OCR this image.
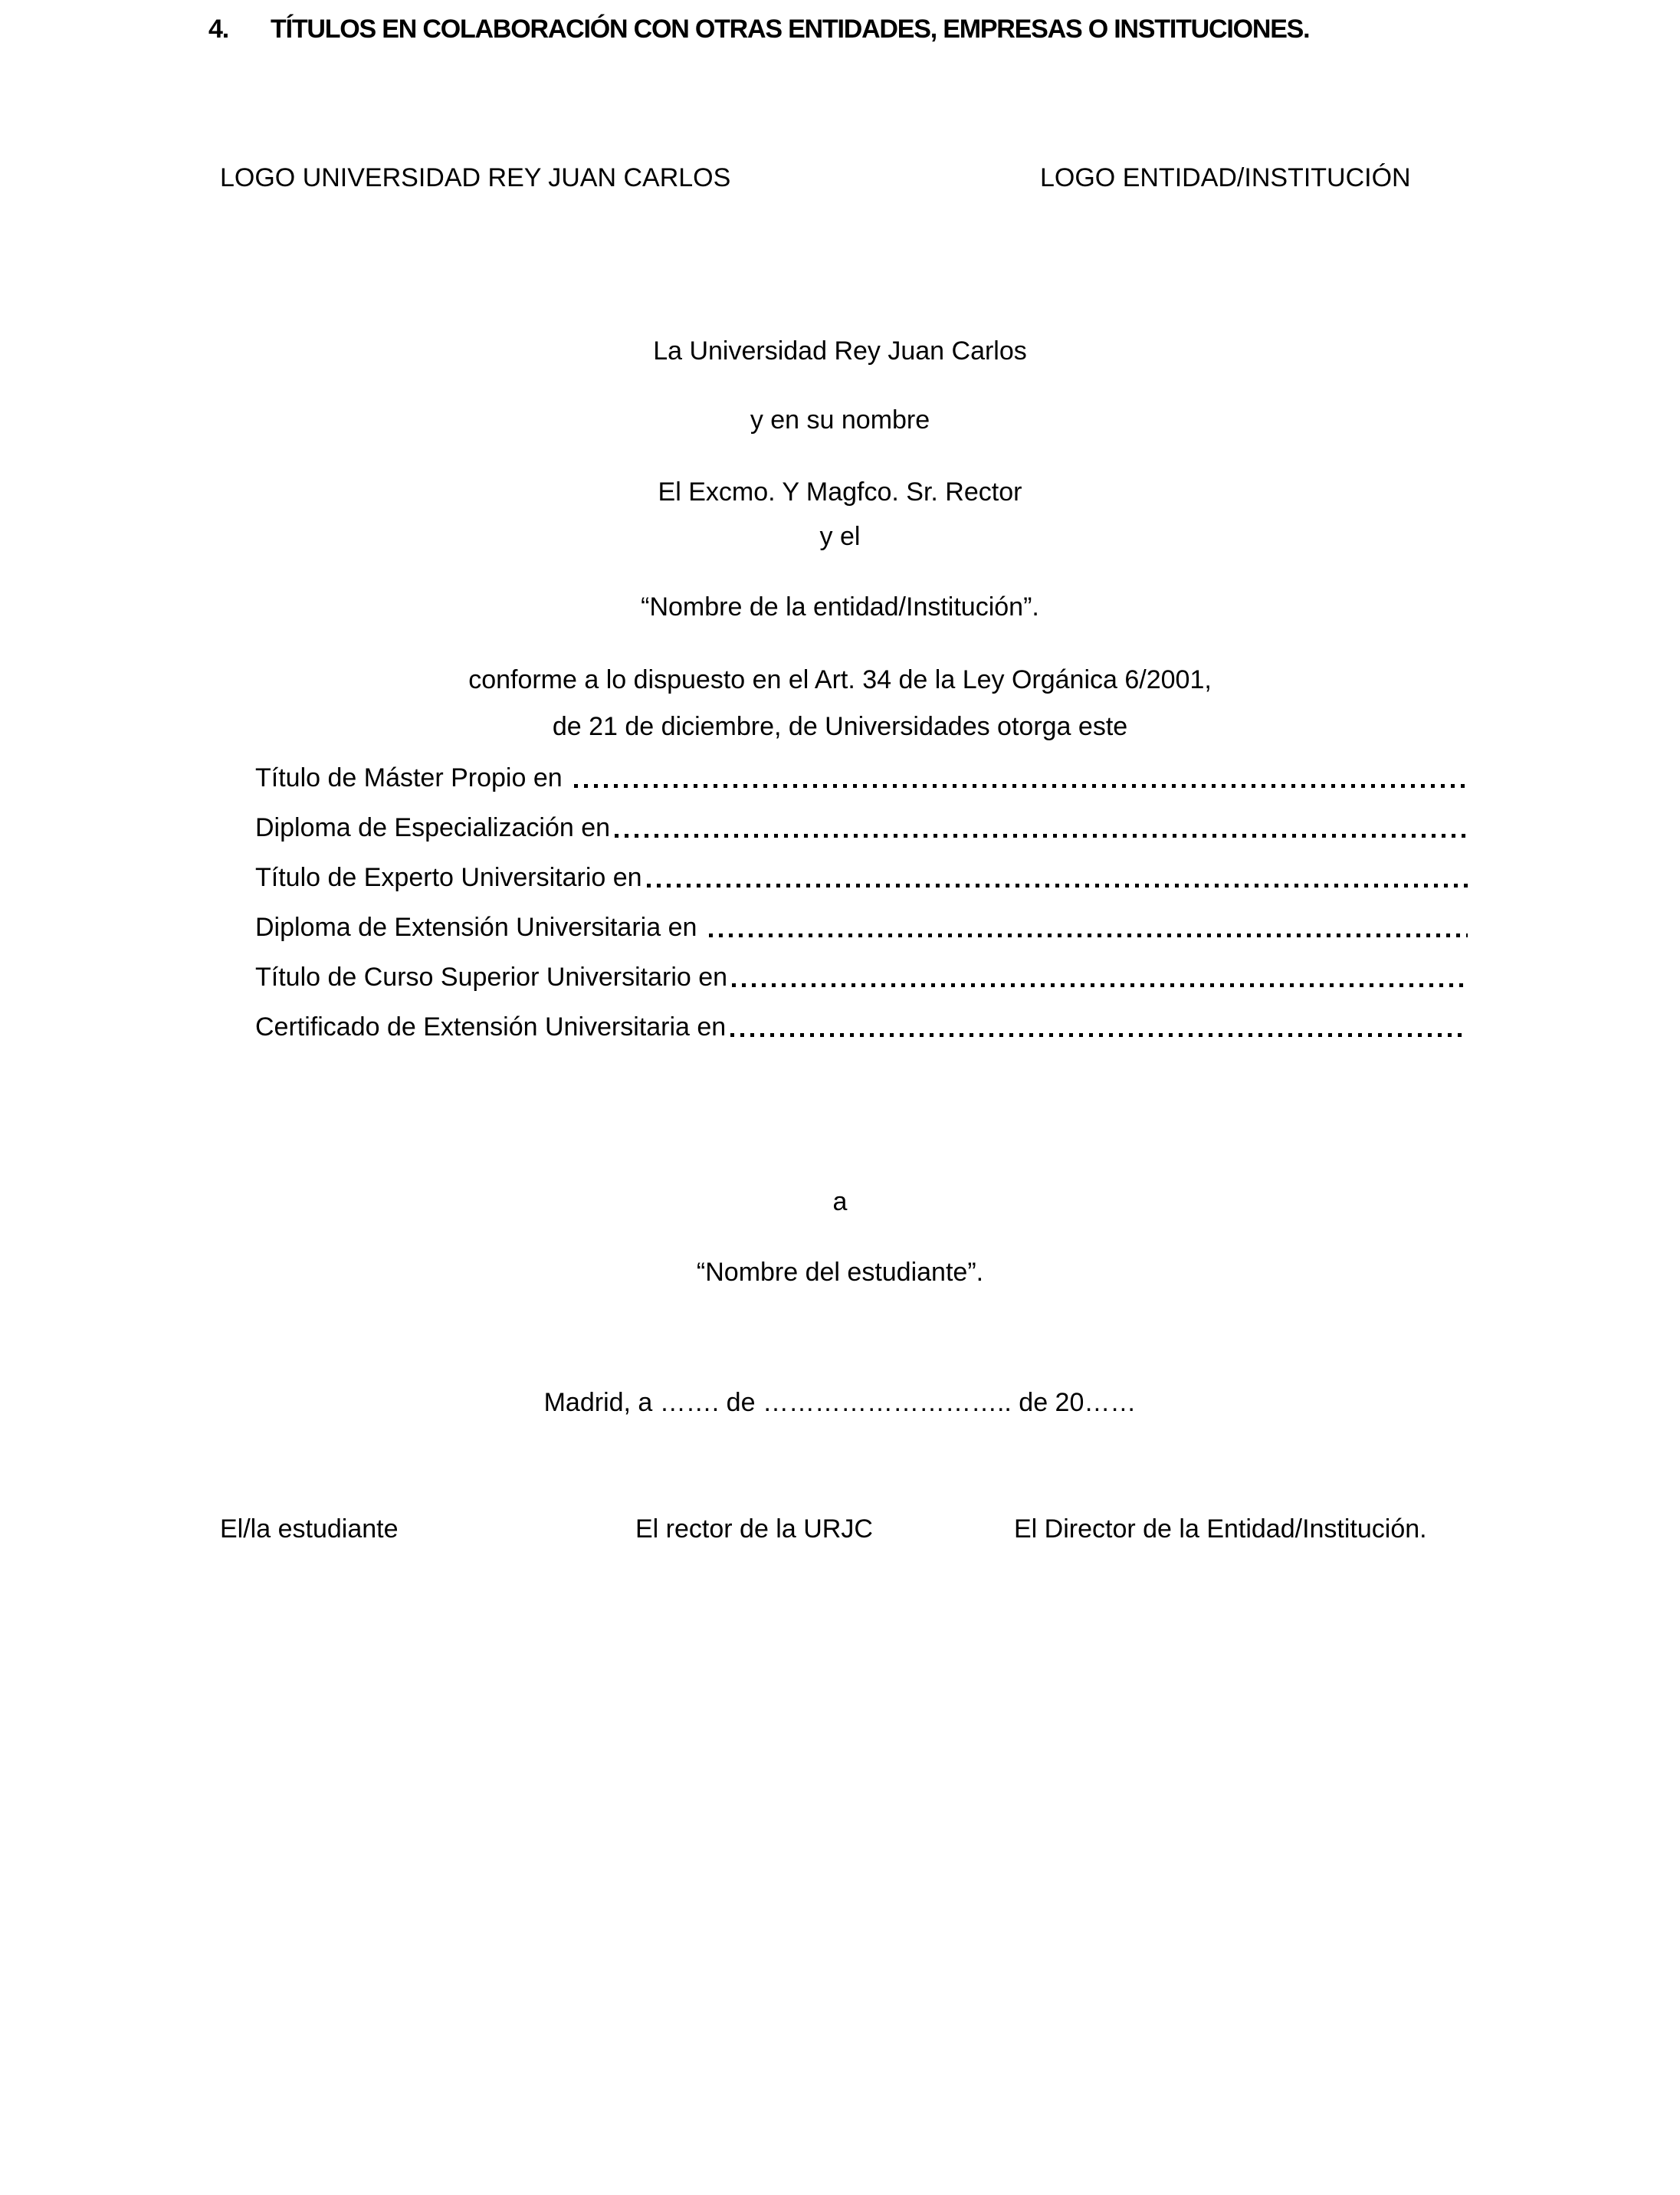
4.	TÍTULOS EN COLABORACIÓN CON OTRAS ENTIDADES, EMPRESAS O INSTITUCIONES.
LOGO UNIVERSIDAD REY JUAN CARLOS	LOGO ENTIDAD/INSTITUCIÓN
La Universidad Rey Juan Carlos
y en su nombre
El Excmo. Y Magfco. Sr. Rector
y el
“Nombre de la entidad/Institución”.
conforme a lo dispuesto en el Art. 34 de la Ley Orgánica 6/2001,
de 21 de diciembre, de Universidades otorga este
Título de Máster Propio en
Diploma de Especialización en
Título de Experto Universitario en
Diploma de Extensión Universitaria en
Título de Curso Superior Universitario en
Certificado de Extensión Universitaria en
a
“Nombre del estudiante”.
Madrid, a ……. de ……………………….. de 20……
El/la estudiante	El rector de la URJC	El Director de la Entidad/Institución.
